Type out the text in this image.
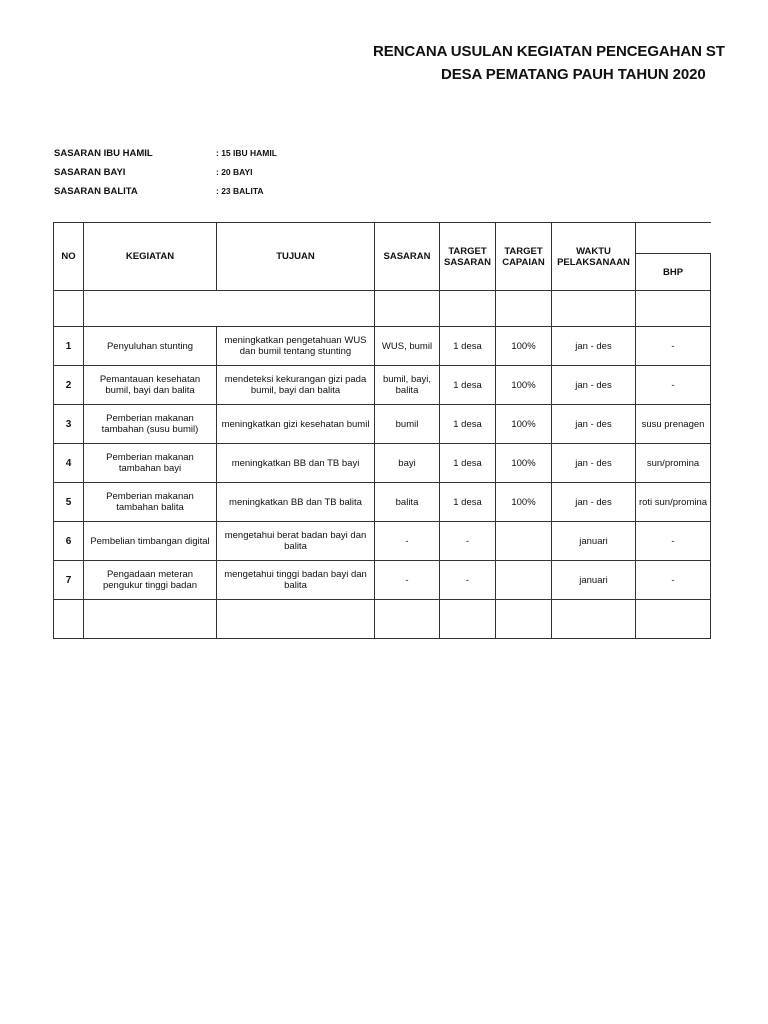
RENCANA USULAN KEGIATAN PENCEGAHAN ST
DESA PEMATANG PAUH TAHUN 2020
SASARAN IBU HAMIL	: 15 IBU HAMIL
SASARAN BAYI	: 20 BAYI
SASARAN BALITA	: 23 BALITA
NO	KEGIATAN	TUJUAN	SASARAN	TARGET SASARAN	TARGET CAPAIAN	WAKTU PELAKSANAAN	
							BHP

1	Penyuluhan stunting	meningkatkan pengetahuan WUS dan bumil tentang stunting	WUS, bumil	1 desa	100%	jan - des	-
2	Pemantauan kesehatan bumil, bayi dan balita	mendeteksi kekurangan gizi pada bumil, bayi dan balita	bumil, bayi, balita	1 desa	100%	jan - des	-
3	Pemberian makanan tambahan (susu bumil)	meningkatkan gizi kesehatan bumil	bumil	1 desa	100%	jan - des	susu prenagen
4	Pemberian makanan tambahan bayi	meningkatkan BB dan TB bayi	bayi	1 desa	100%	jan - des	sun/promina
5	Pemberian makanan tambahan balita	meningkatkan BB dan TB balita	balita	1 desa	100%	jan - des	roti sun/promina
6	Pembelian timbangan digital	mengetahui berat badan bayi dan balita	-	-		januari	-
7	Pengadaan meteran pengukur tinggi badan	mengetahui tinggi badan bayi dan balita	-	-		januari	-
